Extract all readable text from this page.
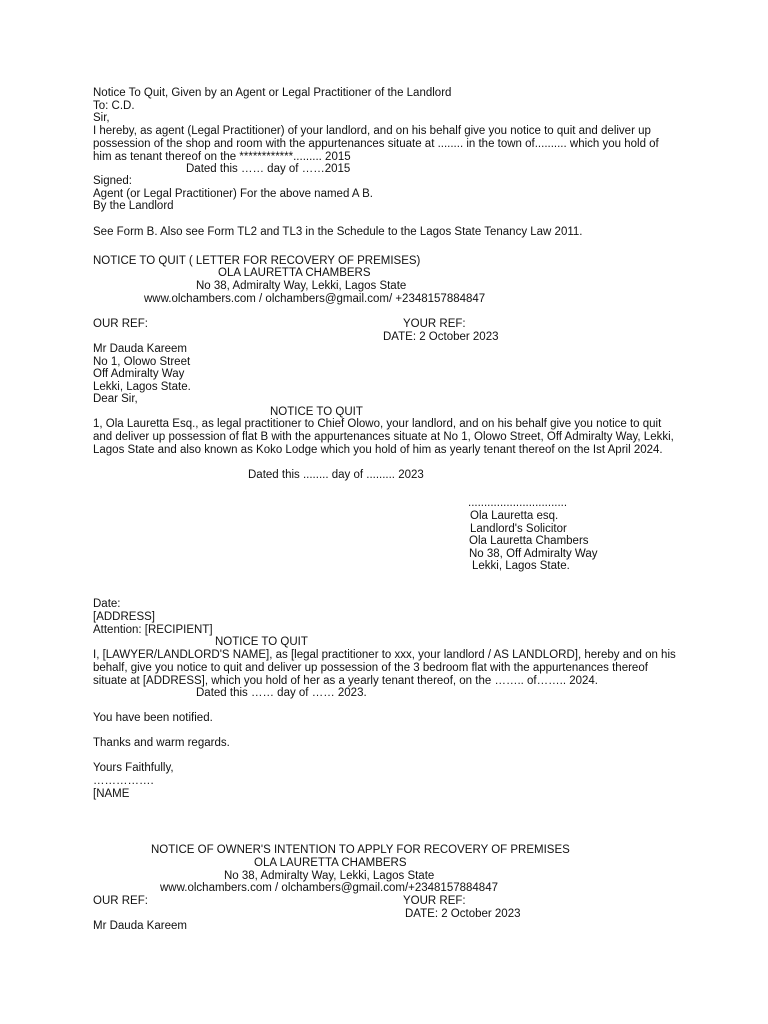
Notice To Quit, Given by an Agent or Legal Practitioner of the Landlord
To: C.D.
Sir,
I hereby, as agent (Legal Practitioner) of your landlord, and on his behalf give you notice to quit and deliver up possession of the shop and room with the appurtenances situate at ........ in the town of.......... which you hold of him as tenant thereof on the ************......... 2015
Dated this …… day of ……2015
Signed:
Agent (or Legal Practitioner) For the above named A B.
By the Landlord
See Form B. Also see Form TL2 and TL3 in the Schedule to the Lagos State Tenancy Law 2011.
NOTICE TO QUIT ( LETTER FOR RECOVERY OF PREMISES)
OLA LAURETTA CHAMBERS
No 38, Admiralty Way, Lekki, Lagos State
www.olchambers.com / olchambers@gmail.com/ +2348157884847
OUR REF:	YOUR REF:
DATE: 2 October 2023
Mr Dauda Kareem
No 1, Olowo Street
Off Admiralty Way
Lekki, Lagos State.
Dear Sir,
NOTICE TO QUIT
1, Ola Lauretta Esq., as legal practitioner to Chief Olowo, your landlord, and on his behalf give you notice to quit and deliver up possession of flat B with the appurtenances situate at No 1, Olowo Street, Off Admiralty Way, Lekki, Lagos State and also known as Koko Lodge which you hold of him as yearly tenant thereof on the Ist April 2024.
Dated this ........ day of ......... 2023
...............................
Ola Lauretta esq.
Landlord's Solicitor
Ola Lauretta Chambers
No 38, Off Admiralty Way
Lekki, Lagos State.
Date:
[ADDRESS]
Attention: [RECIPIENT]
NOTICE TO QUIT
I, [LAWYER/LANDLORD'S NAME], as [legal practitioner to xxx, your landlord / AS LANDLORD], hereby and on his behalf, give you notice to quit and deliver up possession of the 3 bedroom flat with the appurtenances thereof situate at [ADDRESS], which you hold of her as a yearly tenant thereof, on the …….. of…….. 2024.
Dated this …… day of …… 2023.
You have been notified.
Thanks and warm regards.
Yours Faithfully,
…………….
[NAME
NOTICE OF OWNER'S INTENTION TO APPLY FOR RECOVERY OF PREMISES
OLA LAURETTA CHAMBERS
No 38, Admiralty Way, Lekki, Lagos State
www.olchambers.com / olchambers@gmail.com/+2348157884847
OUR REF:	YOUR REF:
DATE: 2 October 2023
Mr Dauda Kareem
